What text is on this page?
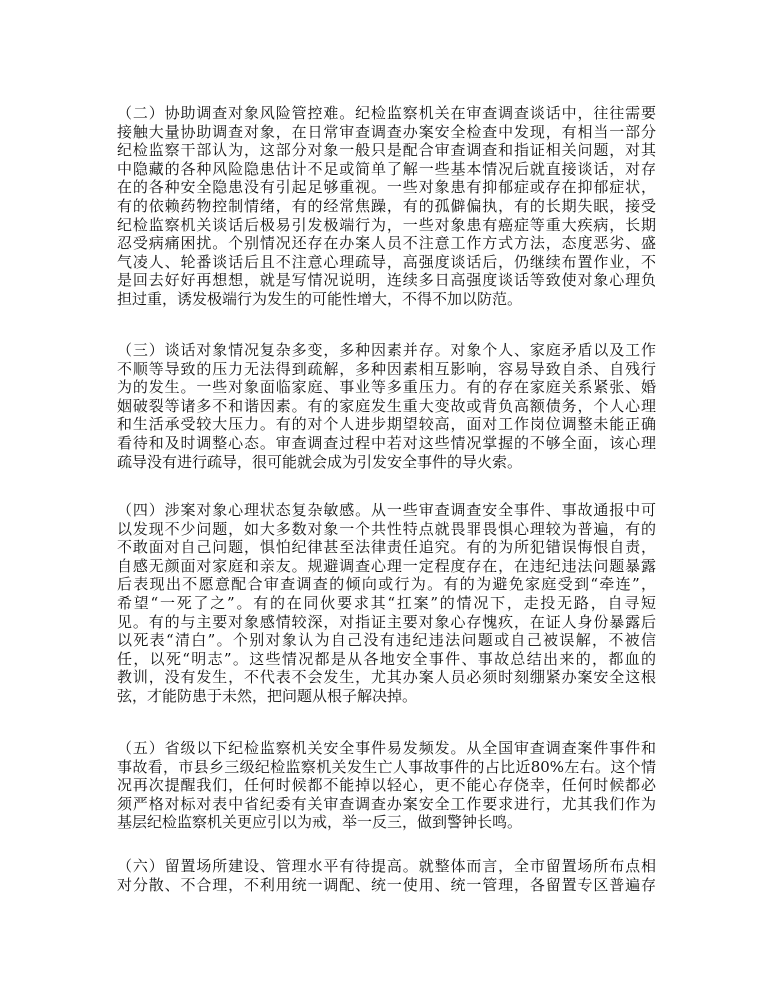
（二）协助调查对象风险管控难。纪检监察机关在审查调查谈话中，往往需要
接触大量协助调查对象，在日常审查调查办案安全检查中发现，有相当一部分
纪检监察干部认为，这部分对象一般只是配合审查调查和指证相关问题，对其
中隐藏的各种风险隐患估计不足或简单了解一些基本情况后就直接谈话，对存
在的各种安全隐患没有引起足够重视。一些对象患有抑郁症或存在抑郁症状，
有的依赖药物控制情绪，有的经常焦躁，有的孤僻偏执，有的长期失眠，接受
纪检监察机关谈话后极易引发极端行为，一些对象患有癌症等重大疾病，长期
忍受病痛困扰。个别情况还存在办案人员不注意工作方式方法，态度恶劣、盛
气凌人、轮番谈话后且不注意心理疏导，高强度谈话后，仍继续布置作业，不
是回去好好再想想，就是写情况说明，连续多日高强度谈话等致使对象心理负
担过重，诱发极端行为发生的可能性增大，不得不加以防范。
（三）谈话对象情况复杂多变，多种因素并存。对象个人、家庭矛盾以及工作
不顺等导致的压力无法得到疏解，多种因素相互影响，容易导致自杀、自残行
为的发生。一些对象面临家庭、事业等多重压力。有的存在家庭关系紧张、婚
姻破裂等诸多不和谐因素。有的家庭发生重大变故或背负高额债务，个人心理
和生活承受较大压力。有的对个人进步期望较高，面对工作岗位调整未能正确
看待和及时调整心态。审查调查过程中若对这些情况掌握的不够全面，该心理
疏导没有进行疏导，很可能就会成为引发安全事件的导火索。
（四）涉案对象心理状态复杂敏感。从一些审查调查安全事件、事故通报中可
以发现不少问题，如大多数对象一个共性特点就畏罪畏惧心理较为普遍，有的
不敢面对自己问题，惧怕纪律甚至法律责任追究。有的为所犯错误悔恨自责，
自感无颜面对家庭和亲友。规避调查心理一定程度存在，在违纪违法问题暴露
后表现出不愿意配合审查调查的倾向或行为。有的为避免家庭受到“牵连”，
希望“一死了之”。有的在同伙要求其“扛案”的情况下，走投无路，自寻短
见。有的与主要对象感情较深，对指证主要对象心存愧疚，在证人身份暴露后
以死表“清白”。个别对象认为自己没有违纪违法问题或自己被误解，不被信
任，以死“明志”。这些情况都是从各地安全事件、事故总结出来的，都血的
教训，没有发生，不代表不会发生，尤其办案人员必须时刻绷紧办案安全这根
弦，才能防患于未然，把问题从根子解决掉。
（五）省级以下纪检监察机关安全事件易发频发。从全国审查调查案件事件和
事故看，市县乡三级纪检监察机关发生亡人事故事件的占比近80%左右。这个情
况再次提醒我们，任何时候都不能掉以轻心，更不能心存侥幸，任何时候都必
须严格对标对表中省纪委有关审查调查办案安全工作要求进行，尤其我们作为
基层纪检监察机关更应引以为戒，举一反三，做到警钟长鸣。
（六）留置场所建设、管理水平有待提高。就整体而言，全市留置场所布点相
对分散、不合理，不利用统一调配、统一使用、统一管理，各留置专区普遍存
